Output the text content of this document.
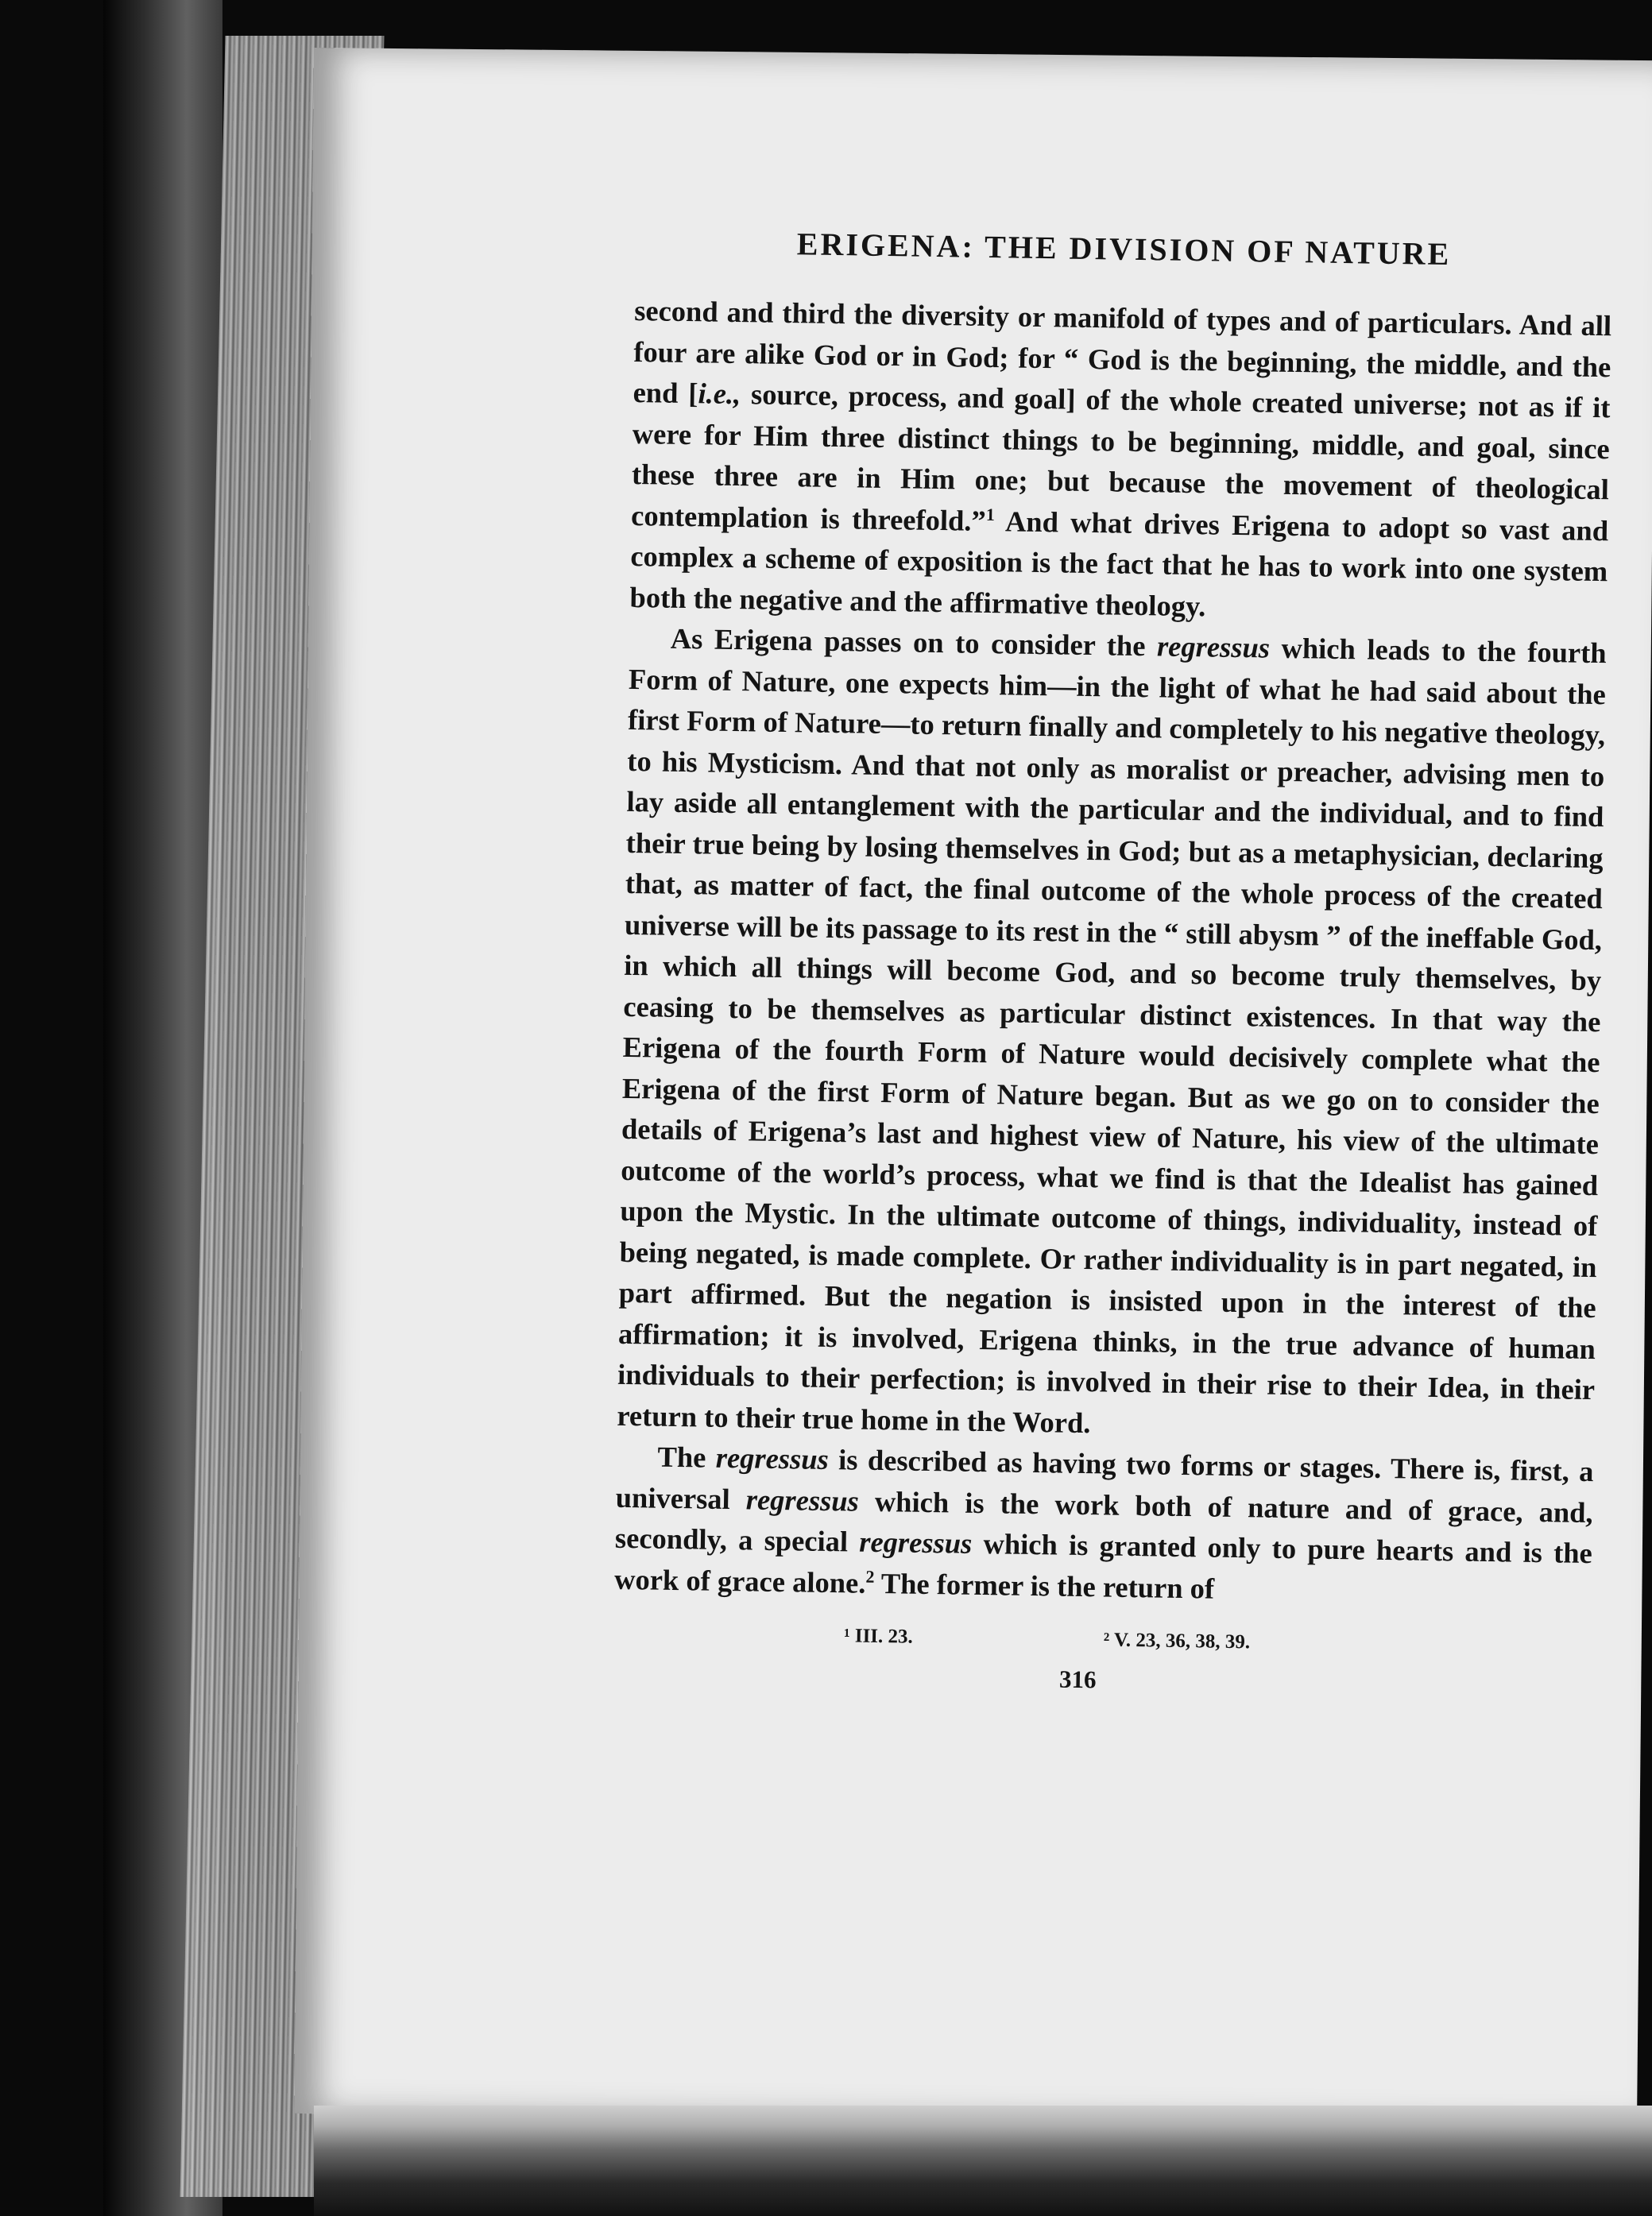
ERIGENA: THE DIVISION OF NATURE

second and third the diversity or manifold of types and of particulars. And all four are alike God or in God; for “ God is the beginning, the middle, and the end [i.e., source, process, and goal] of the whole created universe; not as if it were for Him three distinct things to be beginning, middle, and goal, since these three are in Him one; but because the movement of theological contemplation is threefold.”$^1$ And what drives Erigena to adopt so vast and complex a scheme of exposition is the fact that he has to work into one system both the negative and the affirmative theology.

As Erigena passes on to consider the regressus which leads to the fourth Form of Nature, one expects him—in the light of what he had said about the first Form of Nature—to return finally and completely to his negative theology, to his Mysticism. And that not only as moralist or preacher, advising men to lay aside all entanglement with the particular and the individual, and to find their true being by losing themselves in God; but as a metaphysician, declaring that, as matter of fact, the final outcome of the whole process of the created universe will be its passage to its rest in the “ still abysm ” of the ineffable God, in which all things will become God, and so become truly themselves, by ceasing to be themselves as particular distinct existences. In that way the Erigena of the fourth Form of Nature would decisively complete what the Erigena of the first Form of Nature began. But as we go on to consider the details of Erigena’s last and highest view of Nature, his view of the ultimate outcome of the world’s process, what we find is that the Idealist has gained upon the Mystic. In the ultimate outcome of things, individuality, instead of being negated, is made complete. Or rather individuality is in part negated, in part affirmed. But the negation is insisted upon in the interest of the affirmation; it is involved, Erigena thinks, in the true advance of human individuals to their perfection; is involved in their rise to their Idea, in their return to their true home in the Word.

The regressus is described as having two forms or stages. There is, first, a universal regressus which is the work both of nature and of grace, and, secondly, a special regressus which is granted only to pure hearts and is the work of grace alone.$^2$ The former is the return of

¹ III. 23.	² V. 23, 36, 38, 39.
316
